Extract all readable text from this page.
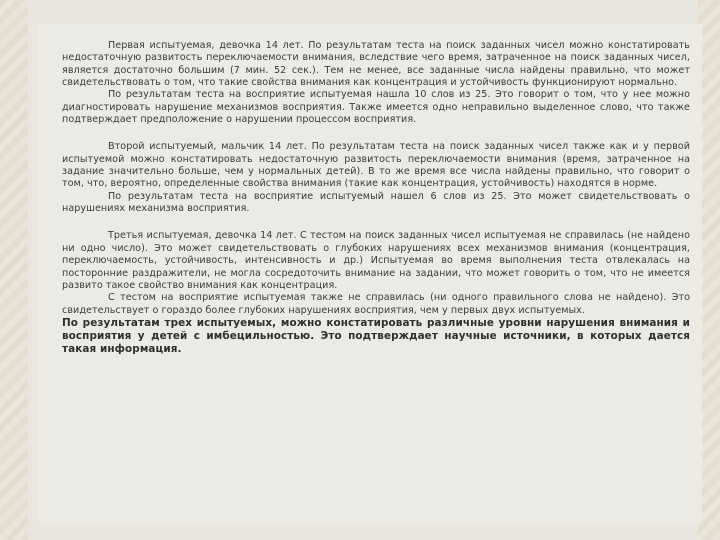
Первая испытуемая, девочка 14 лет. По результатам теста на поиск заданных чисел можно констатировать недостаточную развитость переключаемости внимания, вследствие чего время, затраченное на поиск заданных чисел, является достаточно большим (7 мин. 52 сек.). Тем не менее, все заданные числа найдены правильно, что может свидетельствовать о том, что такие свойства внимания как концентрация и устойчивость функционируют нормально.

По результатам теста на восприятие испытуемая нашла 10 слов из 25. Это говорит о том, что у нее можно диагностировать нарушение механизмов восприятия. Также имеется одно неправильно выделенное слово, что также подтверждает предположение о нарушении процессом восприятия.

Второй испытуемый, мальчик 14 лет. По результатам теста на поиск заданных чисел также как и у первой испытуемой можно констатировать недостаточную развитость переключаемости внимания (время, затраченное на задание значительно больше, чем у нормальных детей). В то же время все числа найдены правильно, что говорит о том, что, вероятно, определенные свойства внимания (такие как концентрация, устойчивость) находятся в норме.

По результатам теста на восприятие испытуемый нашел 6 слов из 25. Это может свидетельствовать о нарушениях механизма восприятия.

Третья испытуемая, девочка 14 лет. С тестом на поиск заданных чисел испытуемая не справилась (не найдено ни одно число). Это может свидетельствовать о глубоких нарушениях всех механизмов внимания (концентрация, переключаемость, устойчивость, интенсивность и др.) Испытуемая во время выполнения теста отвлекалась на посторонние раздражители, не могла сосредоточить внимание на задании, что может говорить о том, что не имеется развито такое свойство внимания как концентрация.

С тестом на восприятие испытуемая также не справилась (ни одного правильного слова не найдено). Это свидетельствует о гораздо более глубоких нарушениях восприятия, чем у первых двух испытуемых.

По результатам трех испытуемых, можно констатировать различные уровни нарушения внимания и восприятия у детей с имбецильностью. Это подтверждает научные источники, в которых дается такая информация.
